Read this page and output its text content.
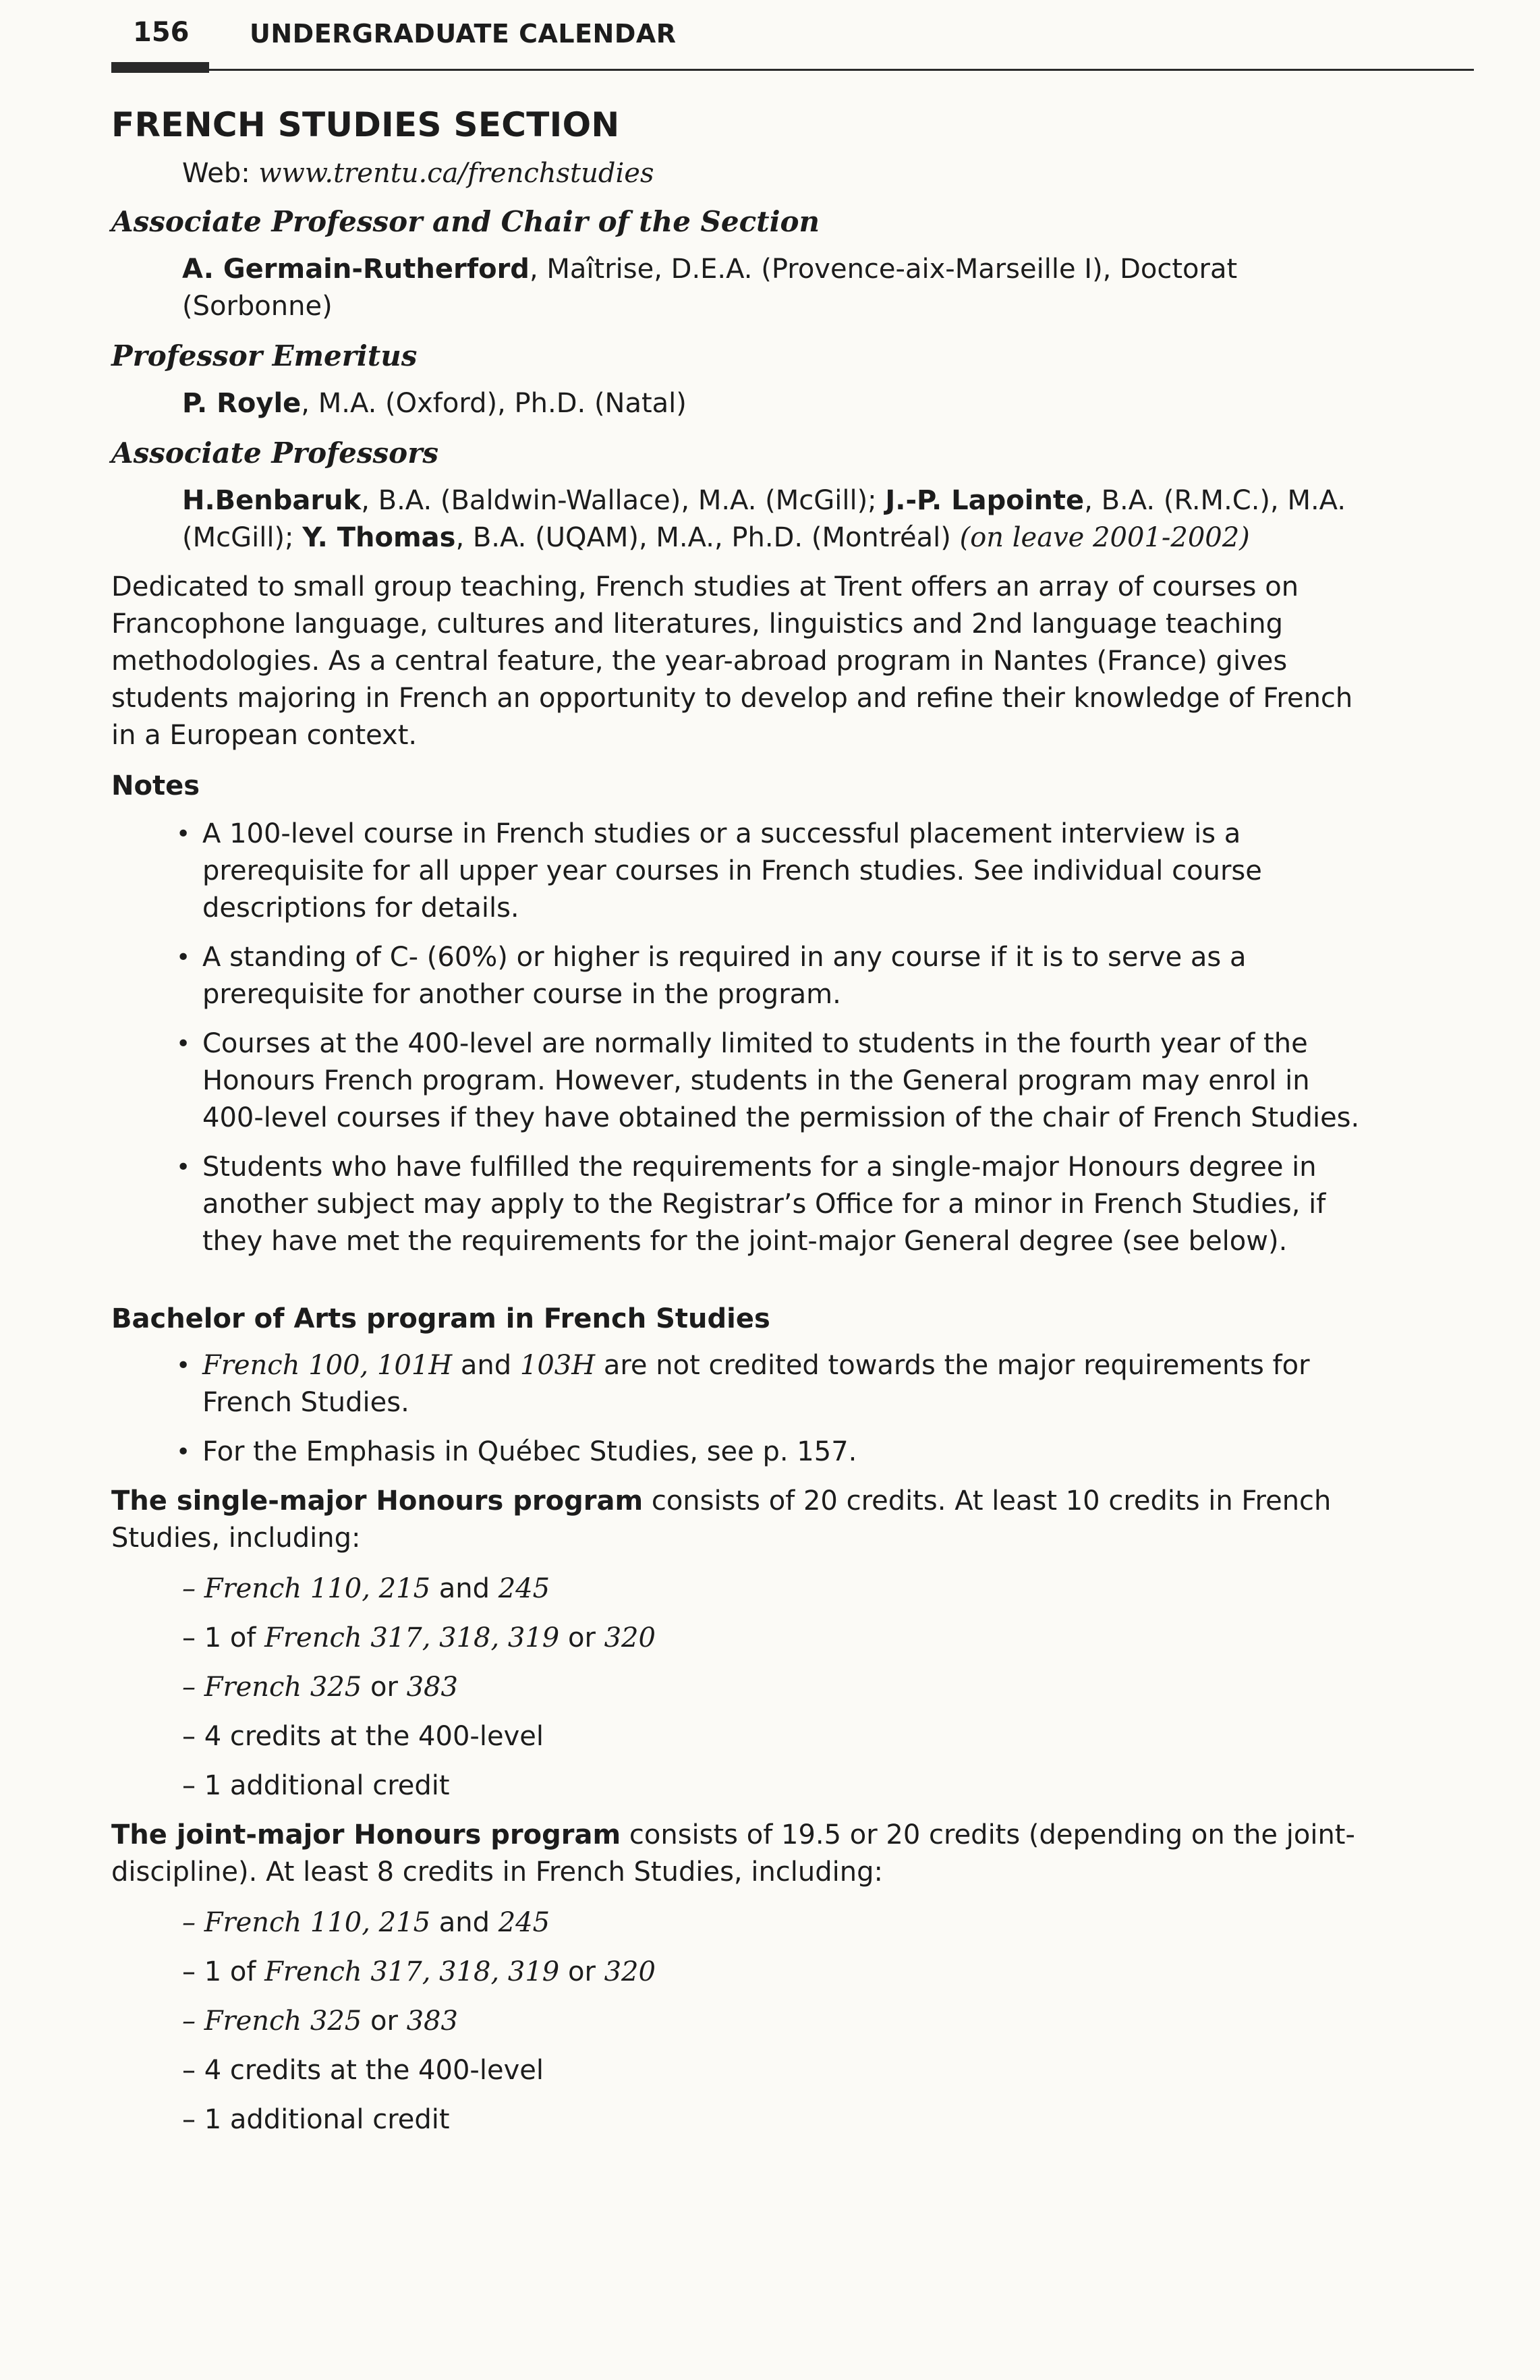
156 UNDERGRADUATE CALENDAR
FRENCH STUDIES SECTION

Web: www.trentu.ca/frenchstudies

Associate Professor and Chair of the Section

A. Germain-Rutherford, Maîtrise, D.E.A. (Provence-aix-Marseille I), Doctorat (Sorbonne)

Professor Emeritus

P. Royle, M.A. (Oxford), Ph.D. (Natal)

Associate Professors

H.Benbaruk, B.A. (Baldwin-Wallace), M.A. (McGill); J.-P. Lapointe, B.A. (R.M.C.), M.A. (McGill); Y. Thomas, B.A. (UQAM), M.A., Ph.D. (Montréal) (on leave 2001-2002)

Dedicated to small group teaching, French studies at Trent offers an array of courses on Francophone language, cultures and literatures, linguistics and 2nd language teaching methodologies. As a central feature, the year-abroad program in Nantes (France) gives students majoring in French an opportunity to develop and refine their knowledge of French in a European context.

Notes
• A 100-level course in French studies or a successful placement interview is a prerequisite for all upper year courses in French studies. See individual course descriptions for details.
• A standing of C- (60%) or higher is required in any course if it is to serve as a prerequisite for another course in the program.
• Courses at the 400-level are normally limited to students in the fourth year of the Honours French program. However, students in the General program may enrol in 400-level courses if they have obtained the permission of the chair of French Studies.
• Students who have fulfilled the requirements for a single-major Honours degree in another subject may apply to the Registrar’s Office for a minor in French Studies, if they have met the requirements for the joint-major General degree (see below).
Bachelor of Arts program in French Studies
• French 100, 101H and 103H are not credited towards the major requirements for French Studies.
• For the Emphasis in Québec Studies, see p. 157.

The single-major Honours program consists of 20 credits. At least 10 credits in French Studies, including:

– French 110, 215 and 245
– 1 of French 317, 318, 319 or 320
– French 325 or 383
– 4 credits at the 400-level
– 1 additional credit

The joint-major Honours program consists of 19.5 or 20 credits (depending on the joint-discipline). At least 8 credits in French Studies, including:

– French 110, 215 and 245
– 1 of French 317, 318, 319 or 320
– French 325 or 383
– 4 credits at the 400-level
– 1 additional credit
